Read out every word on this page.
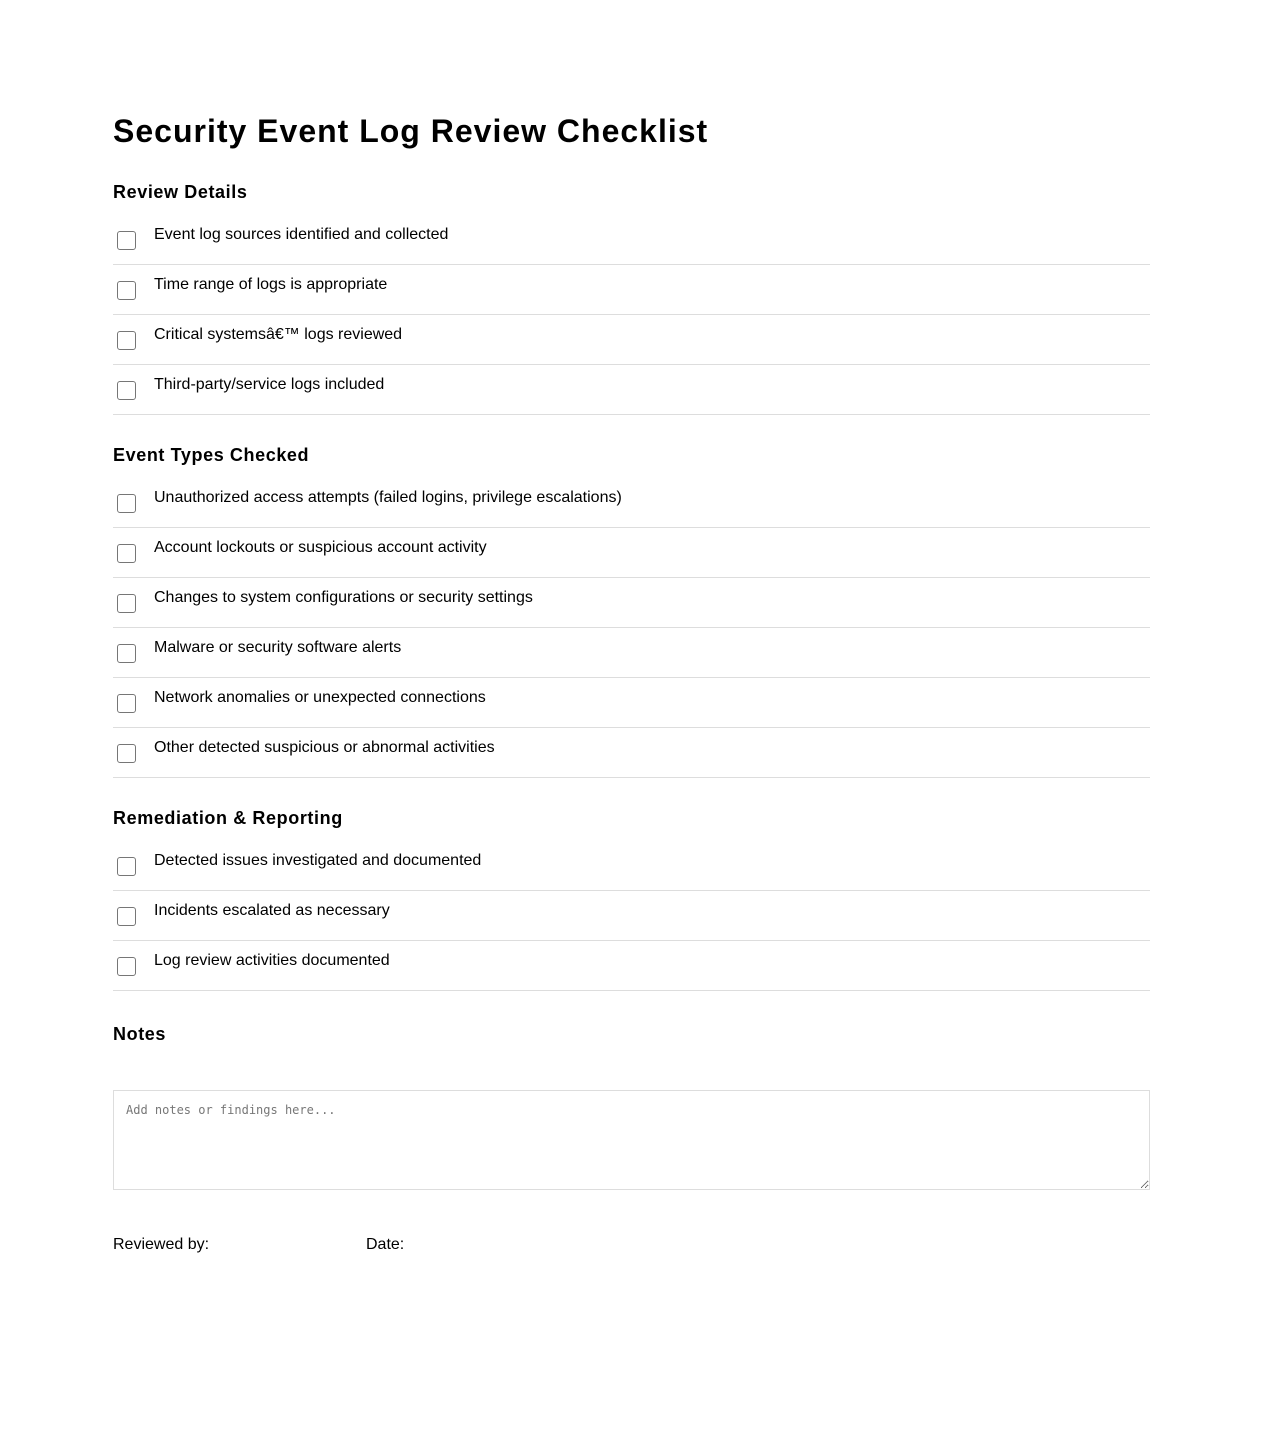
Security Event Log Review Checklist
Review Details
Event log sources identified and collected
Time range of logs is appropriate
Critical systemsâ€™ logs reviewed
Third-party/service logs included
Event Types Checked
Unauthorized access attempts (failed logins, privilege escalations)
Account lockouts or suspicious account activity
Changes to system configurations or security settings
Malware or security software alerts
Network anomalies or unexpected connections
Other detected suspicious or abnormal activities
Remediation & Reporting
Detected issues investigated and documented
Incidents escalated as necessary
Log review activities documented
Notes
Add notes or findings here...
Reviewed by:	Date:
